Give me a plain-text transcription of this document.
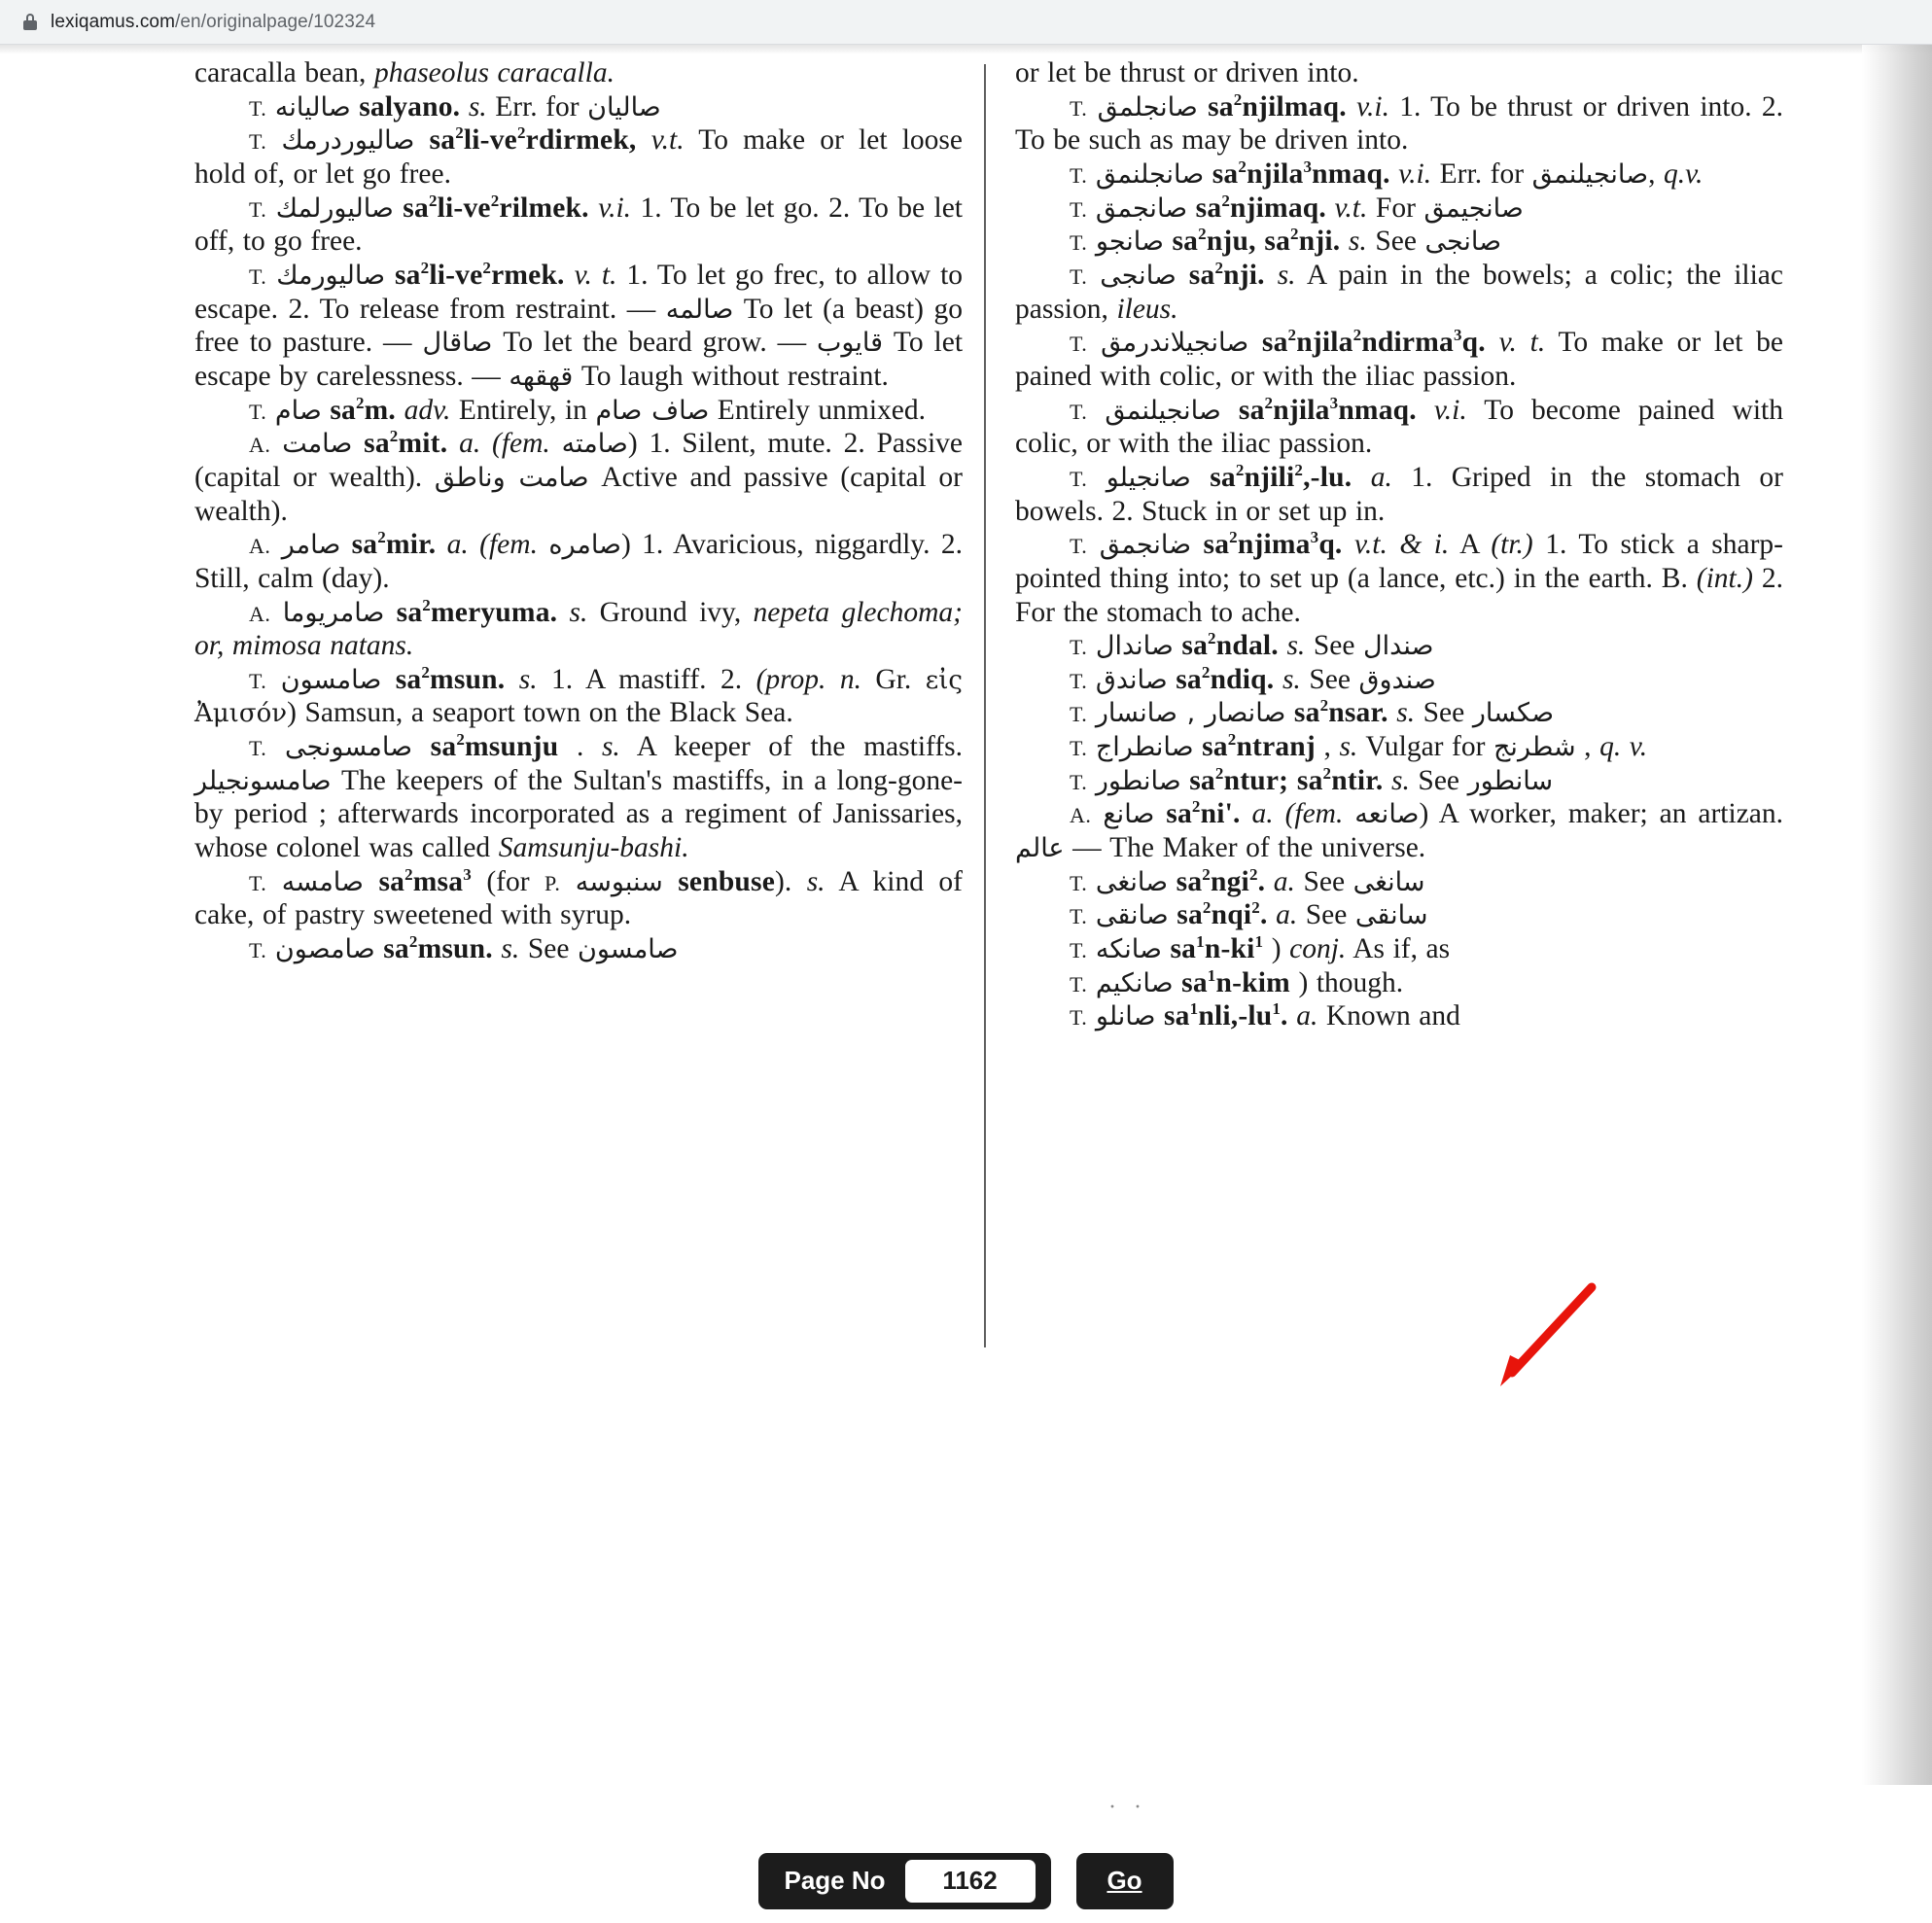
lexiqamus.com/en/originalpage/102324

caracalla bean, phaseolus caracalla.

T. صاليانه salyano. s. Err. for صاليان

T. صاليوردرمك $sa^2li-ve^2rdirmek$, v.t. To make or let loose hold of, or let go free.

T. صاليورلمك $sa^2li-ve^2rilmek$. v.i. 1. To be let go. 2. To be let off, to go free.

T. صاليورمك $sa^2li-ve^2rmek$. v. t. 1. To let go frec, to allow to escape. 2. To release from restraint. — صالمه To let (a beast) go free to pasture. — صاقال To let the beard grow. — قايوب To let escape by carelessness. — قهقهه To laugh without restraint.

T. صام $sa^2m$. adv. Entirely, in صاف صام Entirely unmixed.

A. صامت $sa^2mit$. a. (fem. صامته) 1. Silent, mute. 2. Passive (capital or wealth). صامت وناطق Active and passive (capital or wealth).

A. صامر $sa^2mir$. a. (fem. صامره) 1. Avaricious, niggardly. 2. Still, calm (day).

A. صامريوما $sa^2meryuma$. s. Ground ivy, nepeta glechoma; or, mimosa natans.

T. صامسون $sa^2msun$. s. 1. A mastiff. 2. (prop. n. Gr. εἰς Ἀμισόν) Samsun, a seaport town on the Black Sea.

T. صامسونجى $sa^2msunju$ . s. A keeper of the mastiffs. صامسونجيلر The keepers of the Sultan's mastiffs, in a long-gone-by period ; afterwards incorporated as a regiment of Janissaries, whose colonel was called Samsunju-bashi.

T. صامسه $sa^2msa^3$ (for P. سنبوسه senbuse). s. A kind of cake, of pastry sweetened with syrup.

T. صامصون $sa^2msun$. s. See صامسون

or let be thrust or driven into.

T. صانجلمق $sa^2njilmaq$. v.i. 1. To be thrust or driven into. 2. To be such as may be driven into.

T. صانجلنمق $sa^2njila^3nmaq$. v.i. Err. for صانجيلنمق, q.v.

T. صانجمق $sa^2njimaq$. v.t. For صانجيمق

T. صانجو $sa^2nju$, $sa^2nji$. s. See صانجى

T. صانجى $sa^2nji$. s. A pain in the bowels; a colic; the iliac passion, ileus.

T. صانجيلاندرمق $sa^2njila^2ndirma^3q$. v. t. To make or let be pained with colic, or with the iliac passion.

T. صانجيلنمق $sa^2njila^3nmaq$. v.i. To become pained with colic, or with the iliac passion.

T. صانجيلو $sa^2njili^2,-lu$. a. 1. Griped in the stomach or bowels. 2. Stuck in or set up in.

T. ضانجمق $sa^2njima^3q$. v.t. & i. A (tr.) 1. To stick a sharp-pointed thing into; to set up (a lance, etc.) in the earth. B. (int.) 2. For the stomach to ache.

T. صاندال $sa^2ndal$. s. See صندال

T. صاندق $sa^2ndiq$. s. See صندوق

T. صانصار , صانسار $sa^2nsar$. s. See صكسار

T. صانطراج $sa^2ntranj$ , s. Vulgar for شطرنج , q. v.

T. صانطور $sa^2ntur$; $sa^2ntir$. s. See سانطور

A. صانع $sa^2ni'$. a. (fem. صانعه) A worker, maker; an artizan. عالم — The Maker of the universe.

T. صانغى $sa^2ngi^2$. a. See سانغى

T. صانقى $sa^2nqi^2$. a. See سانقى

T. صانكه $sa^1n-ki^1$ ) conj. As if, as

T. صانكيم $sa^1n$-kim ) though.

T. صانلو $sa^1nli,-lu^1$. a. Known and

· ·
Page No
1162	Go
